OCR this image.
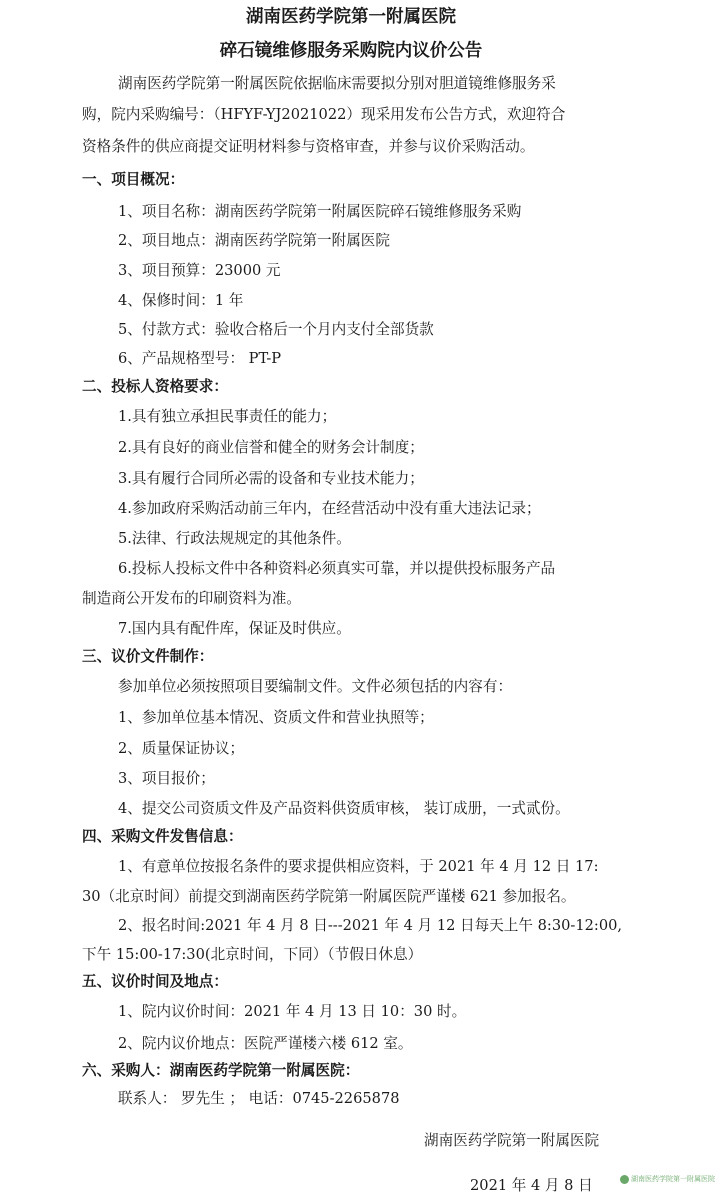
湖南医药学院第一附属医院
碎石镜维修服务采购院内议价公告
湖南医药学院第一附属医院依据临床需要拟分别对胆道镜维修服务采
购，院内采购编号：（HFYF-YJ2021022）现采用发布公告方式，欢迎符合
资格条件的供应商提交证明材料参与资格审查，并参与议价采购活动。
一、项目概况：
1、项目名称：湖南医药学院第一附属医院碎石镜维修服务采购
2、项目地点：湖南医药学院第一附属医院
3、项目预算：23000 元
4、保修时间：1 年
5、付款方式：验收合格后一个月内支付全部货款
6、产品规格型号： PT-P
二、投标人资格要求：
1.具有独立承担民事责任的能力；
2.具有良好的商业信誉和健全的财务会计制度；
3.具有履行合同所必需的设备和专业技术能力；
4.参加政府采购活动前三年内，在经营活动中没有重大违法记录；
5.法律、行政法规规定的其他条件。
6.投标人投标文件中各种资料必须真实可靠，并以提供投标服务产品
制造商公开发布的印刷资料为准。
7.国内具有配件库，保证及时供应。
三、议价文件制作：
参加单位必须按照项目要编制文件。文件必须包括的内容有：
1、参加单位基本情况、资质文件和营业执照等；
2、质量保证协议；
3、项目报价；
4、提交公司资质文件及产品资料供资质审核， 装订成册，一式贰份。
四、采购文件发售信息：
1、有意单位按报名条件的要求提供相应资料，于 2021 年 4 月 12 日 17:
30（北京时间）前提交到湖南医药学院第一附属医院严谨楼 621 参加报名。
2、报名时间:2021 年 4 月 8 日---2021 年 4 月 12 日每天上午 8:30-12:00,
下午 15:00-17:30(北京时间，下同）（节假日休息）
五、议价时间及地点：
1、院内议价时间：2021 年 4 月 13 日 10：30 时。
2、院内议价地点：医院严谨楼六楼 612 室。
六、采购人：湖南医药学院第一附属医院：
联系人： 罗先生 ； 电话：0745-2265878
湖南医药学院第一附属医院
2021 年 4 月 8 日	湖南医药学院第一附属医院
